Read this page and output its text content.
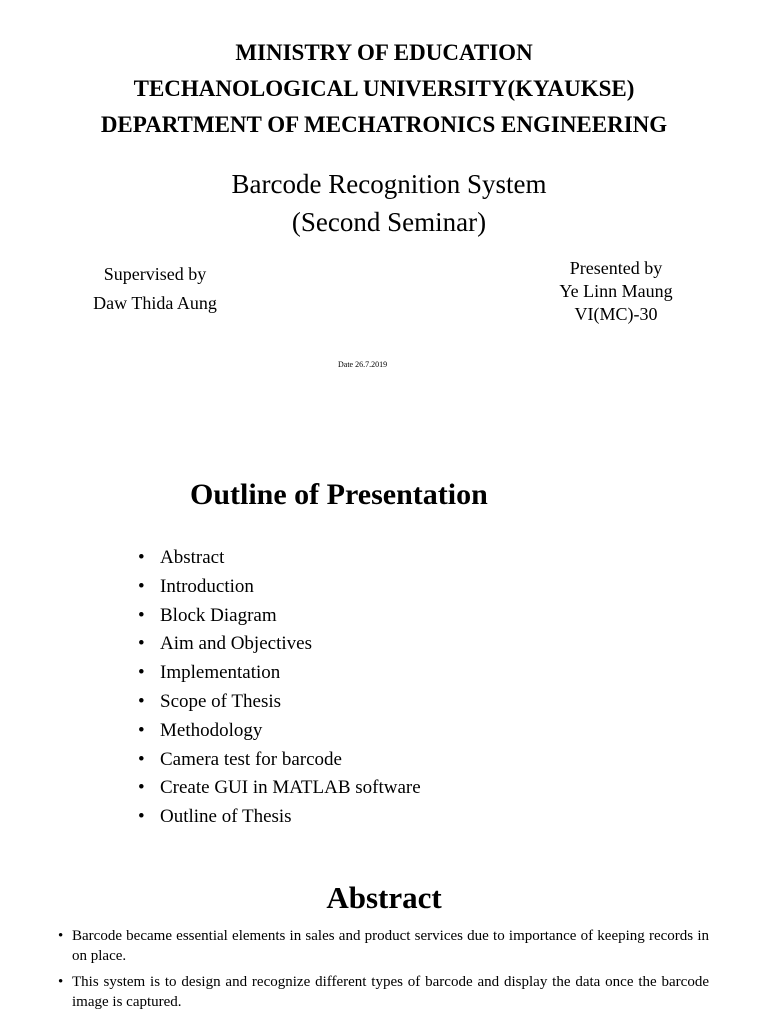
MINISTRY OF EDUCATION
TECHANOLOGICAL UNIVERSITY(KYAUKSE)
DEPARTMENT OF MECHATRONICS ENGINEERING
Barcode Recognition System
(Second Seminar)
Supervised by
Daw Thida Aung
Presented by
Ye Linn Maung
VI(MC)-30
Date 26.7.2019
Outline of Presentation
• Abstract
• Introduction
• Block Diagram
• Aim and Objectives
• Implementation
• Scope of Thesis
• Methodology
• Camera test for barcode
• Create GUI in MATLAB software
• Outline of Thesis
Abstract
• Barcode became essential elements in sales and product services due to importance of keeping records in on place.
• This system is to design and recognize different types of barcode and display the data once the barcode image is captured.
